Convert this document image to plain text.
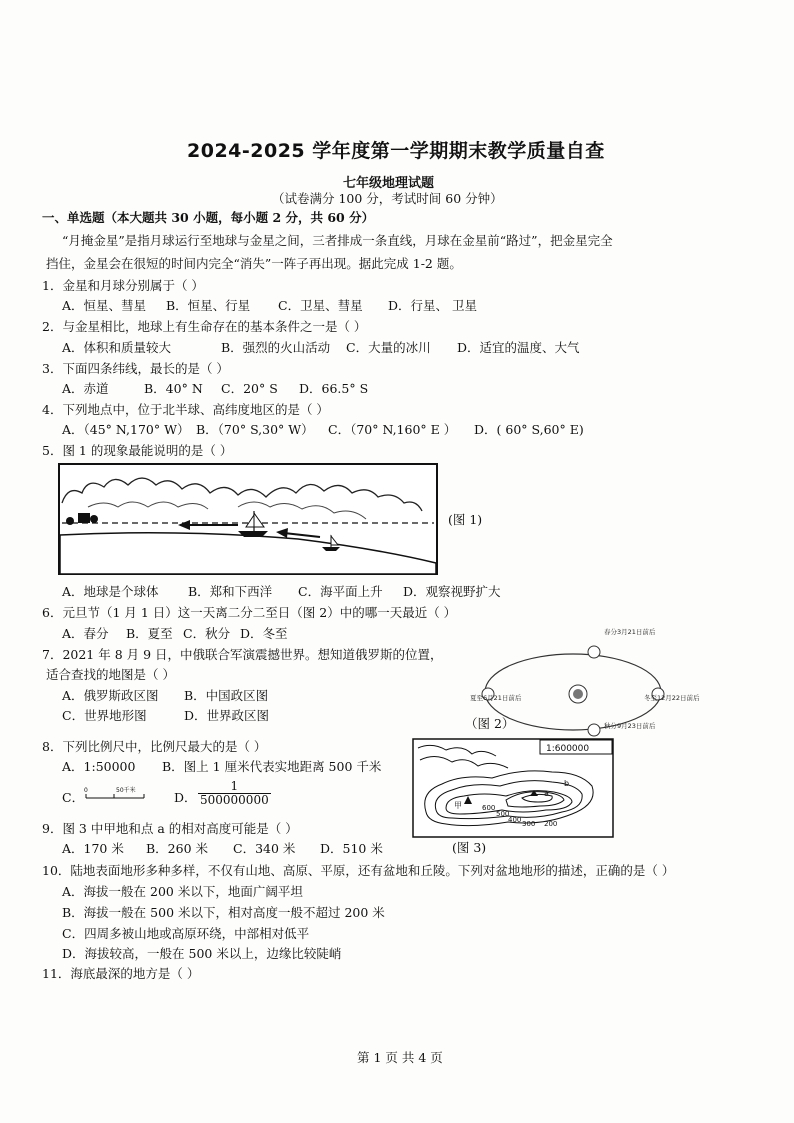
2024-2025 学年度第一学期期末教学质量自查
七年级地理试题
（试卷满分 100 分，考试时间 60 分钟）
一、单选题（本大题共 30 小题，每小题 2 分，共 60 分）
“月掩金星”是指月球运行至地球与金星之间，三者排成一条直线，月球在金星前“路过”，把金星完全
挡住，金星会在很短的时间内完全“消失”一阵子再出现。据此完成 1-2 题。
1．金星和月球分别属于（ ）
A．恒星、彗星 B．恒星、行星 C．卫星、彗星 D．行星、 卫星
2．与金星相比，地球上有生命存在的基本条件之一是（ ）
A．体积和质量较大	B．强烈的火山活动 C．大量的冰川 D．适宜的温度、大气
3．下面四条纬线，最长的是（ ）
A．赤道	B．40° N C．20° S D．66.5° S
4．下列地点中，位于北半球、高纬度地区的是（ ）
A．（45° N,170° W） B．（70° S,30° W） C．（70° N,160° E ） D．( 60° S,60° E)
5．图 1 的现象最能说明的是（ ）
(图 1)
A．地球是个球体 B．郑和下西洋 C．海平面上升 D．观察视野扩大
6．元旦节（1 月 1 日）这一天离二分二至日（图 2）中的哪一天最近（ ）
A．春分 B．夏至 C．秋分 D．冬至	春分3月21日前后
夏至6月21日前后	冬至12月22日前后
秋分9月23日前后
7．2021 年 8 月 9 日，中俄联合军演震撼世界。想知道俄罗斯的位置，
适合查找的地图是（ ）
A．俄罗斯政区图 B．中国政区图
C．世界地形图	D．世界政区图
（图 2）
8．下列比例尺中，比例尺最大的是（ ）
A．1:50000 B．图上 1 厘米代表实地距离 500 千米
C． 0	50千米	D． $\frac{1}{500000000}$
1:600000
甲
a
b
600
500
400 300 200
(图 3)
9．图 3 中甲地和点 a 的相对高度可能是（ ）
A．170 米 B．260 米 C．340 米 D．510 米
10．陆地表面地形多种多样，不仅有山地、高原、平原，还有盆地和丘陵。下列对盆地地形的描述，正确的是（ ）
A．海拔一般在 200 米以下，地面广阔平坦
B．海拔一般在 500 米以下，相对高度一般不超过 200 米
C．四周多被山地或高原环绕，中部相对低平
D．海拔较高，一般在 500 米以上，边缘比较陡峭
11．海底最深的地方是（ ）
第 1 页 共 4 页
